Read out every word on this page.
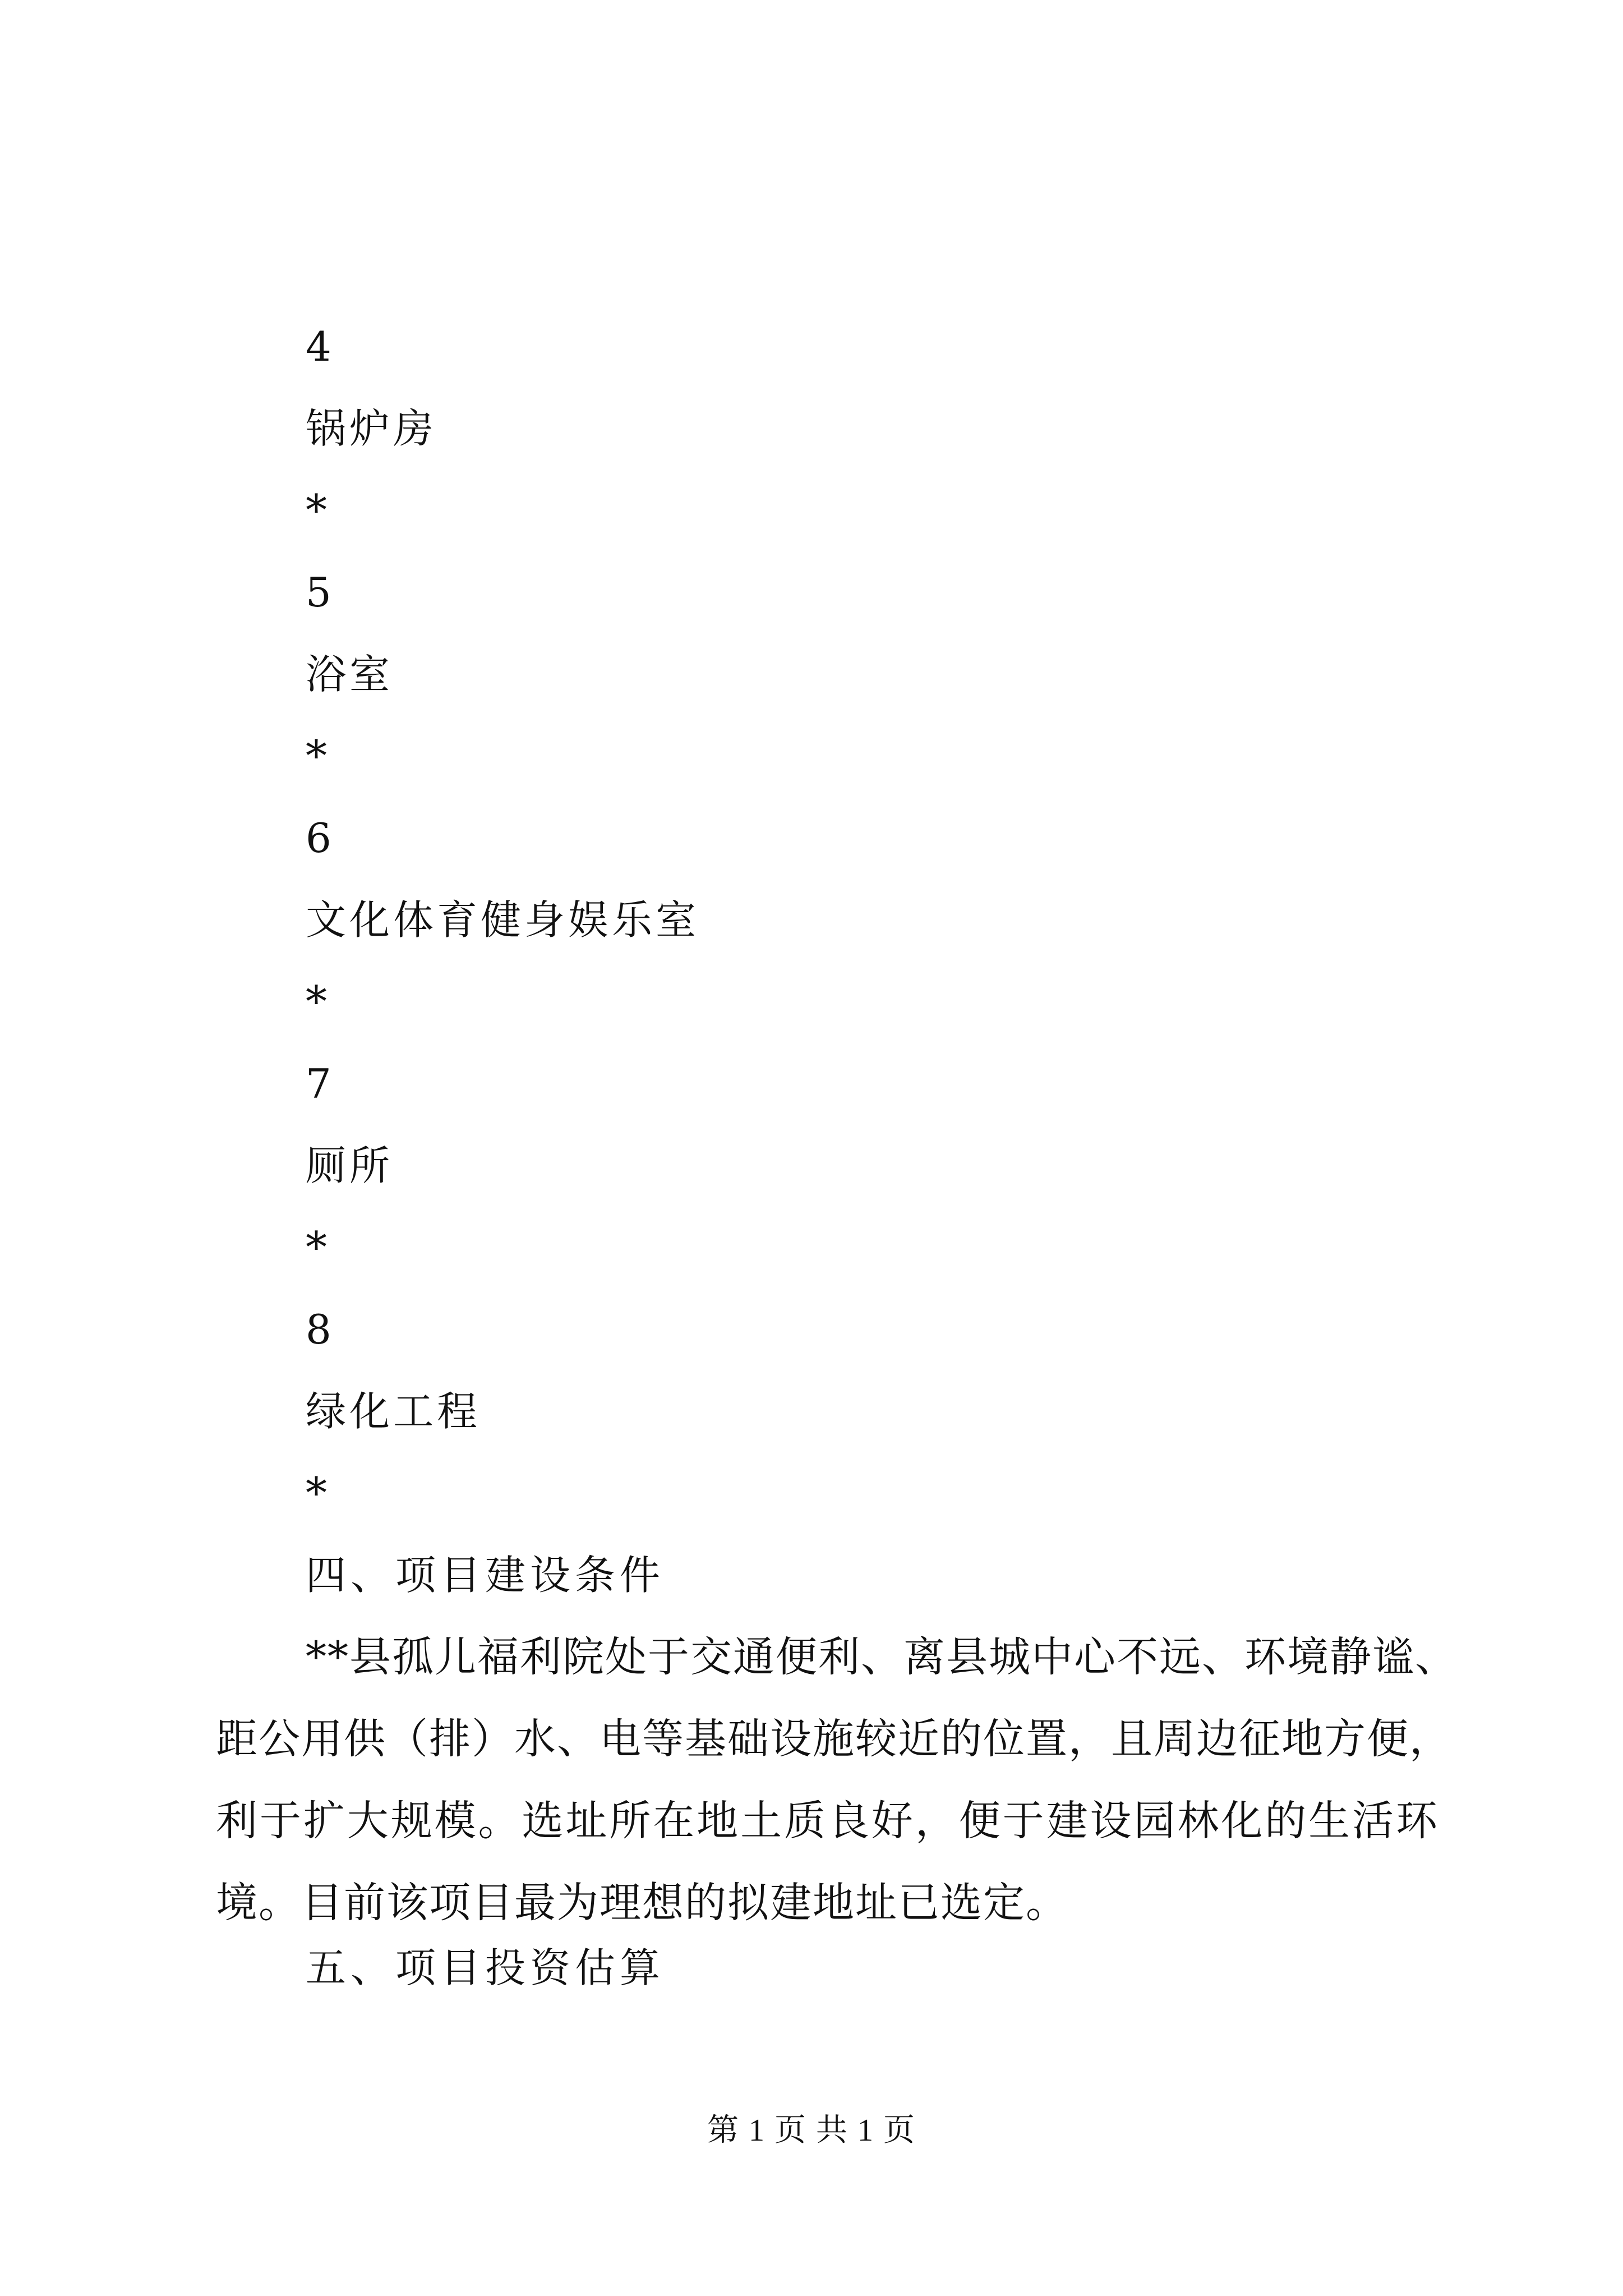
4
锅炉房
*
5
浴室
*
6
文化体育健身娱乐室
*
7
厕所
*
8
绿化工程
*
四、项目建设条件
**县孤儿福利院处于交通便利、离县城中心不远、环境静谧、
距公用供（排）水、电等基础设施较近的位置，且周边征地方便，
利于扩大规模。选址所在地土质良好，便于建设园林化的生活环
境。目前该项目最为理想的拟建地址已选定。
五、项目投资估算
第 1 页 共 1 页
